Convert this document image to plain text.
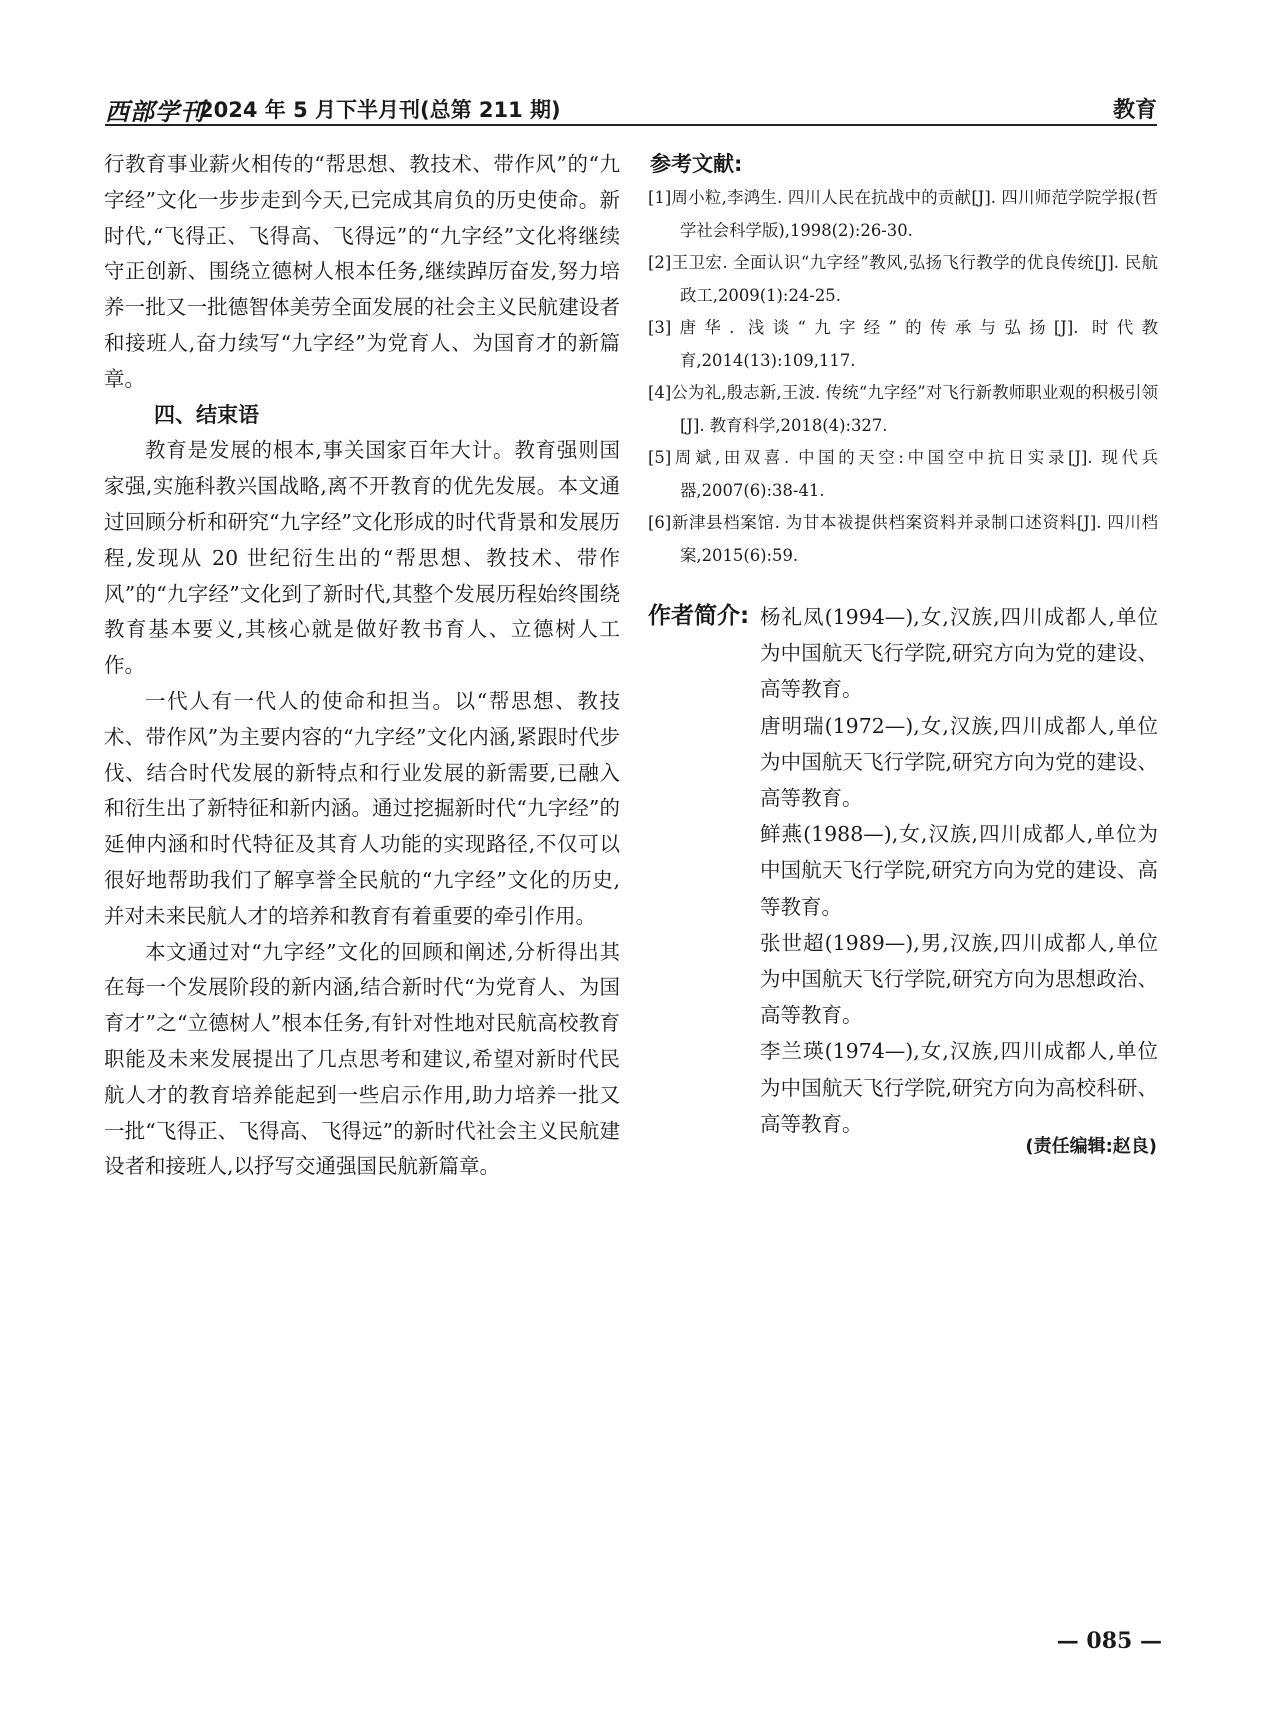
西部学刊
2024 年 5 月下半月刊(总第 211 期)	教育

行教育事业薪火相传的“帮思想、教技术、带作风”的“九字经”文化一步步走到今天,已完成其肩负的历史使命。新时代,“飞得正、飞得高、飞得远”的“九字经”文化将继续守正创新、围绕立德树人根本任务,继续踔厉奋发,努力培养一批又一批德智体美劳全面发展的社会主义民航建设者和接班人,奋力续写“九字经”为党育人、为国育才的新篇章。

四、结束语

教育是发展的根本,事关国家百年大计。教育强则国家强,实施科教兴国战略,离不开教育的优先发展。本文通过回顾分析和研究“九字经”文化形成的时代背景和发展历程,发现从 20 世纪衍生出的“帮思想、教技术、带作风”的“九字经”文化到了新时代,其整个发展历程始终围绕教育基本要义,其核心就是做好教书育人、立德树人工作。

一代人有一代人的使命和担当。以“帮思想、教技术、带作风”为主要内容的“九字经”文化内涵,紧跟时代步伐、结合时代发展的新特点和行业发展的新需要,已融入和衍生出了新特征和新内涵。通过挖掘新时代“九字经”的延伸内涵和时代特征及其育人功能的实现路径,不仅可以很好地帮助我们了解享誉全民航的“九字经”文化的历史,并对未来民航人才的培养和教育有着重要的牵引作用。

本文通过对“九字经”文化的回顾和阐述,分析得出其在每一个发展阶段的新内涵,结合新时代“为党育人、为国育才”之“立德树人”根本任务,有针对性地对民航高校教育职能及未来发展提出了几点思考和建议,希望对新时代民航人才的教育培养能起到一些启示作用,助力培养一批又一批“飞得正、飞得高、飞得远”的新时代社会主义民航建设者和接班人,以抒写交通强国民航新篇章。

参考文献:
[1]周小粒,李鸿生. 四川人民在抗战中的贡献[J]. 四川师范学院学报(哲学社会科学版),1998(2):26-30.
[2]王卫宏. 全面认识“九字经”教风,弘扬飞行教学的优良传统[J]. 民航政工,2009(1):24-25.
[3]唐华. 浅谈“九字经”的传承与弘扬[J]. 时代教育,2014(13):109,117.
[4]公为礼,殷志新,王波. 传统“九字经”对飞行新教师职业观的积极引领[J]. 教育科学,2018(4):327.
[5]周斌,田双喜. 中国的天空:中国空中抗日实录[J]. 现代兵器,2007(6):38-41.
[6]新津县档案馆. 为甘本祓提供档案资料并录制口述资料[J]. 四川档案,2015(6):59.
作者简介: 杨礼凤(1994—),女,汉族,四川成都人,单位为中国航天飞行学院,研究方向为党的建设、高等教育。

唐明瑞(1972—),女,汉族,四川成都人,单位为中国航天飞行学院,研究方向为党的建设、高等教育。

鲜燕(1988—),女,汉族,四川成都人,单位为中国航天飞行学院,研究方向为党的建设、高等教育。

张世超(1989—),男,汉族,四川成都人,单位为中国航天飞行学院,研究方向为思想政治、高等教育。

李兰瑛(1974—),女,汉族,四川成都人,单位为中国航天飞行学院,研究方向为高校科研、高等教育。

(责任编辑:赵良)
— 085 —
